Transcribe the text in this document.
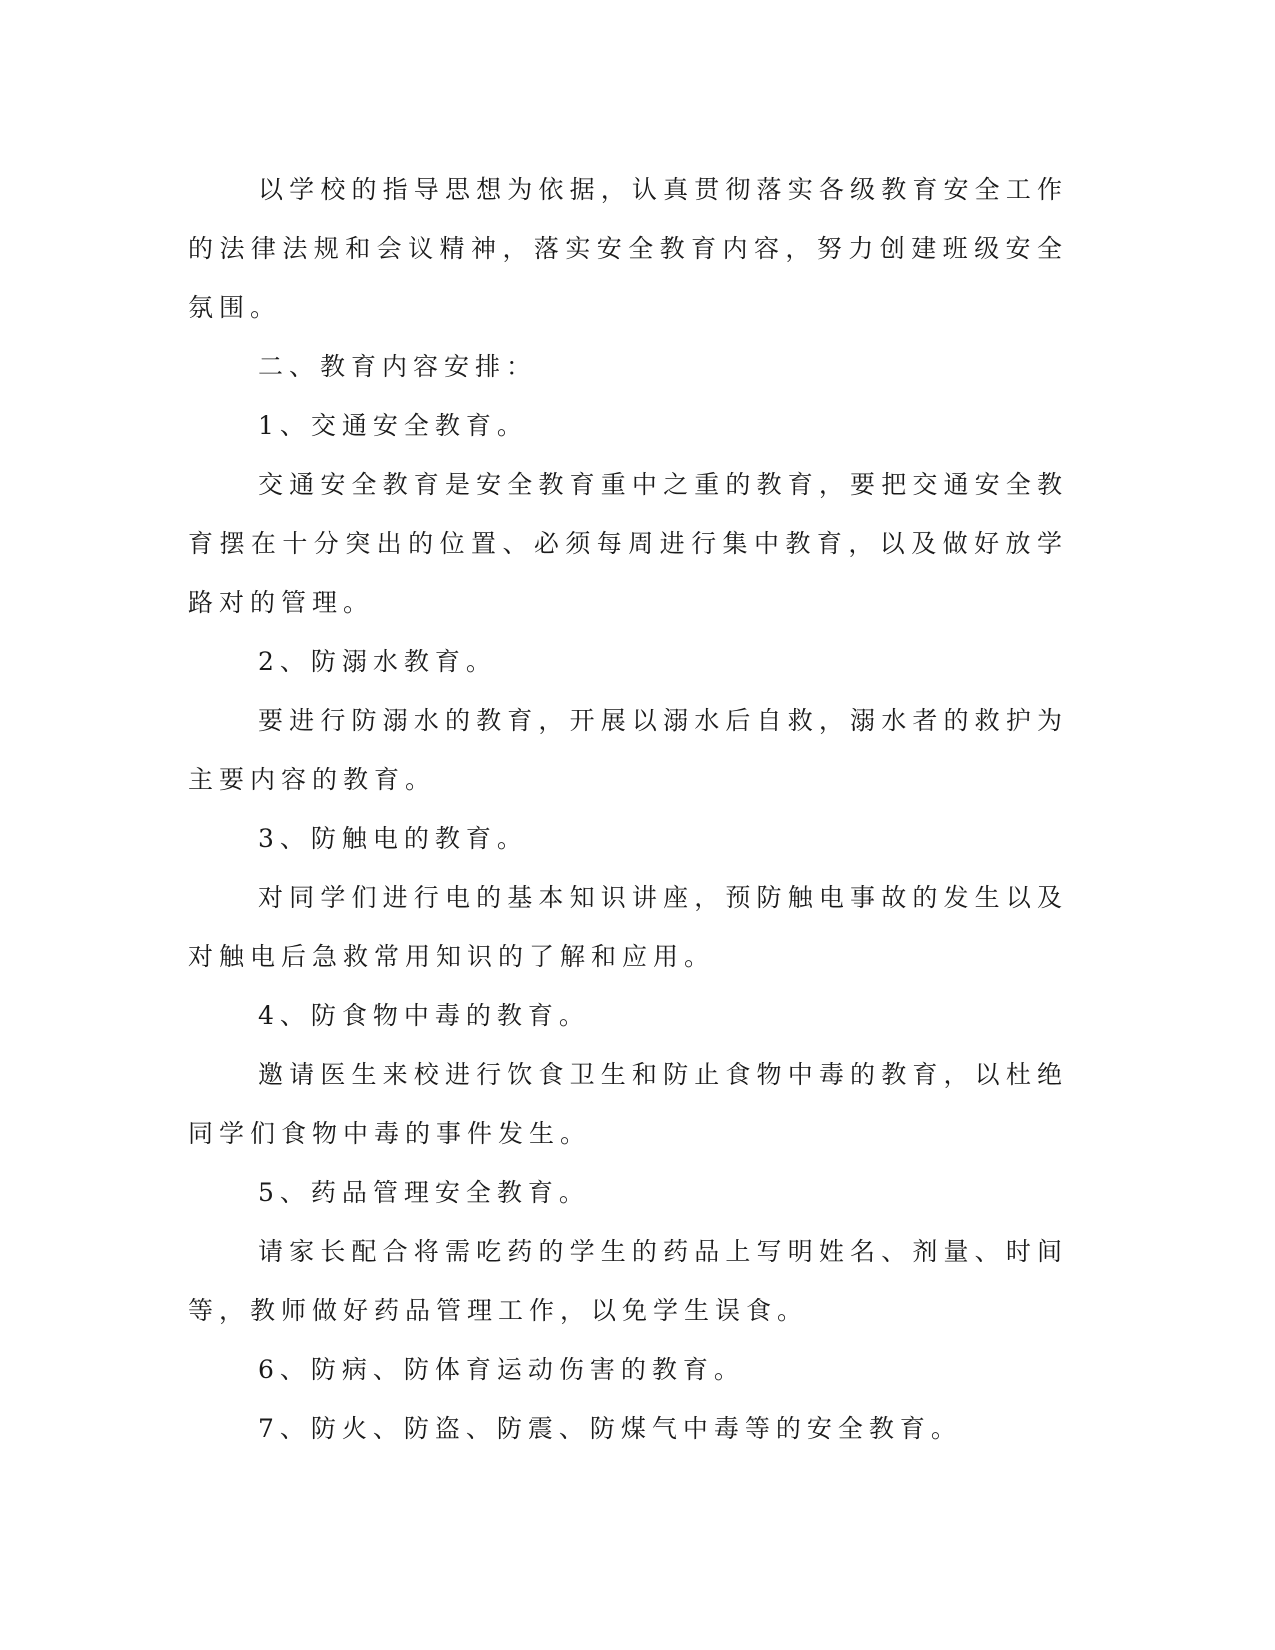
以学校的指导思想为依据，认真贯彻落实各级教育安全工作的法律法规和会议精神，落实安全教育内容，努力创建班级安全氛围。

二、教育内容安排：

1、交通安全教育。

交通安全教育是安全教育重中之重的教育，要把交通安全教育摆在十分突出的位置、必须每周进行集中教育，以及做好放学路对的管理。

2、防溺水教育。

要进行防溺水的教育，开展以溺水后自救，溺水者的救护为主要内容的教育。

3、防触电的教育。

对同学们进行电的基本知识讲座，预防触电事故的发生以及对触电后急救常用知识的了解和应用。

4、防食物中毒的教育。

邀请医生来校进行饮食卫生和防止食物中毒的教育，以杜绝同学们食物中毒的事件发生。

5、药品管理安全教育。

请家长配合将需吃药的学生的药品上写明姓名、剂量、时间等，教师做好药品管理工作，以免学生误食。

6、防病、防体育运动伤害的教育。

7、防火、防盗、防震、防煤气中毒等的安全教育。
